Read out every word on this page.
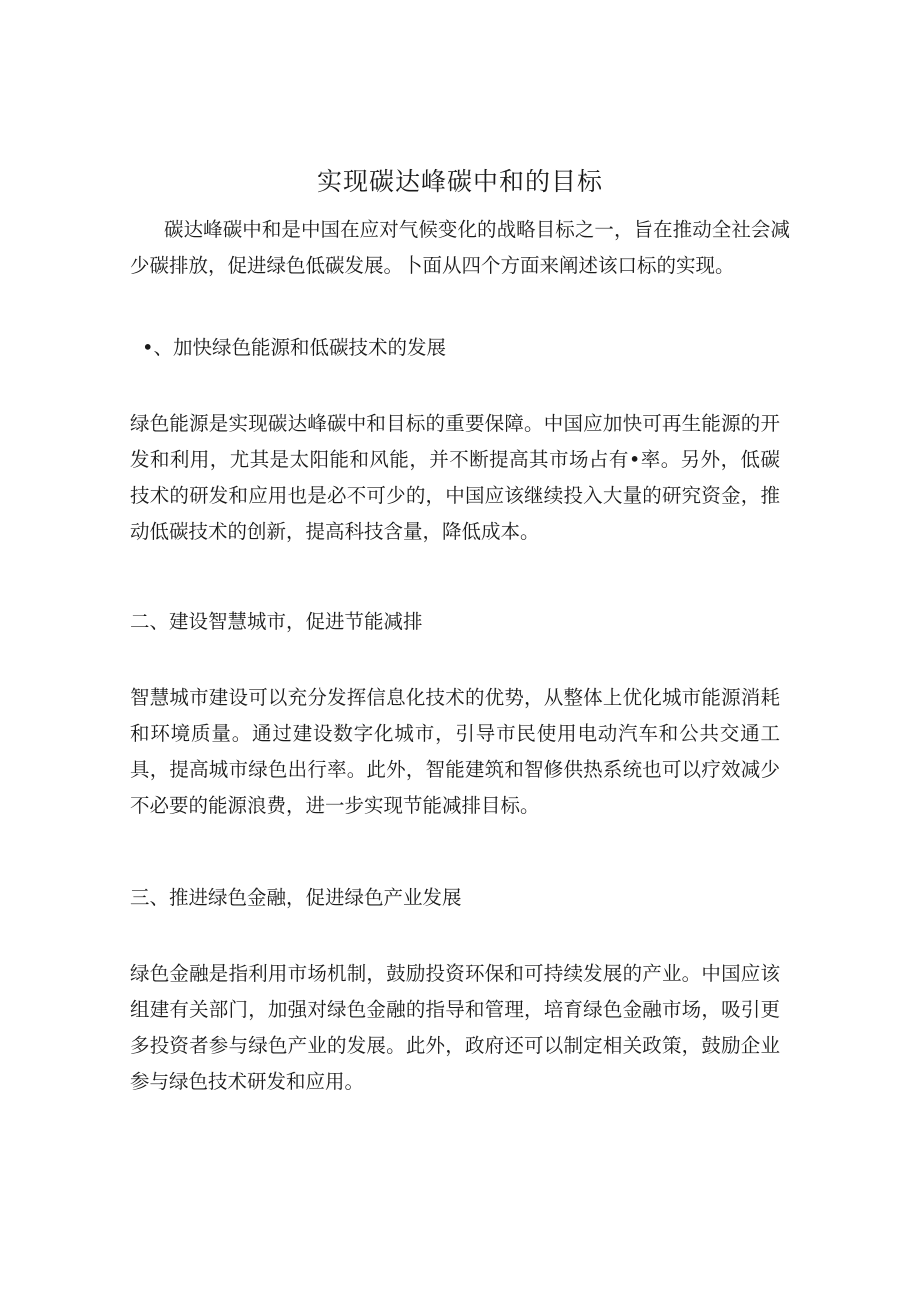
实现碳达峰碳中和的目标

碳达峰碳中和是中国在应对气候变化的战略目标之一，旨在推动全社会减少碳排放，促进绿色低碳发展。卜面从四个方面来阐述该口标的实现。

•、加快绿色能源和低碳技术的发展

绿色能源是实现碳达峰碳中和目标的重要保障。中国应加快可再生能源的开发和利用，尤其是太阳能和风能，并不断提高其市场占有•率。另外，低碳技术的研发和应用也是必不可少的，中国应该继续投入大量的研究资金，推动低碳技术的创新，提高科技含量，降低成本。

二、建设智慧城市，促进节能减排

智慧城市建设可以充分发挥信息化技术的优势，从整体上优化城市能源消耗和环境质量。通过建设数字化城市，引导市民使用电动汽车和公共交通工具，提高城市绿色出行率。此外，智能建筑和智修供热系统也可以疗效减少不必要的能源浪费，进一步实现节能减排目标。

三、推进绿色金融，促进绿色产业发展

绿色金融是指利用市场机制，鼓励投资环保和可持续发展的产业。中国应该组建有关部门，加强对绿色金融的指导和管理，培育绿色金融市场，吸引更多投资者参与绿色产业的发展。此外，政府还可以制定相关政策，鼓励企业参与绿色技术研发和应用。
